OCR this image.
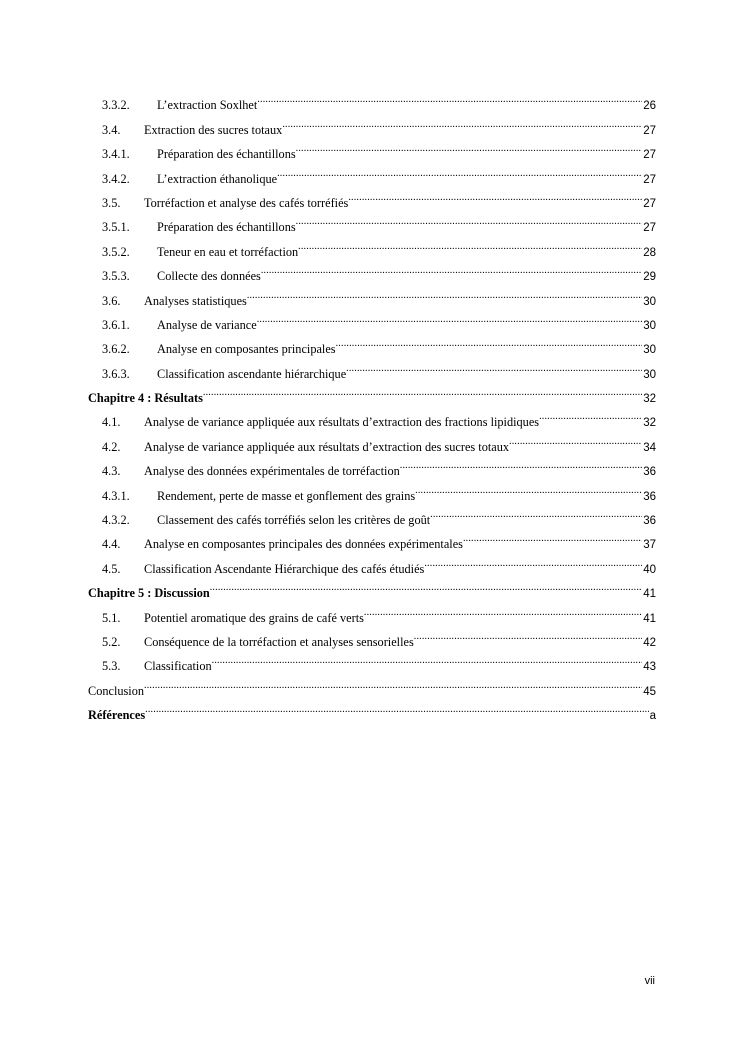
3.3.2.	L’extraction Soxlhet .....	26
3.4.	Extraction des sucres totaux .....	27
3.4.1.	Préparation des échantillons .....	27
3.4.2.	L’extraction éthanolique .....	27
3.5.	Torréfaction et analyse des cafés torréfiés .....	27
3.5.1.	Préparation des échantillons .....	27
3.5.2.	Teneur en eau et torréfaction .....	28
3.5.3.	Collecte des données .....	29
3.6.	Analyses statistiques .....	30
3.6.1.	Analyse de variance .....	30
3.6.2.	Analyse en composantes principales .....	30
3.6.3.	Classification ascendante hiérarchique .....	30
Chapitre 4 : Résultats .....	32
4.1.	Analyse de variance appliquée aux résultats d’extraction des fractions lipidiques .....	32
4.2.	Analyse de variance appliquée aux résultats d’extraction des sucres totaux .....	34
4.3.	Analyse des données expérimentales de torréfaction .....	36
4.3.1.	Rendement, perte de masse et gonflement des grains .....	36
4.3.2.	Classement des cafés torréfiés selon les critères de goût .....	36
4.4.	Analyse en composantes principales des données expérimentales .....	37
4.5.	Classification Ascendante Hiérarchique des cafés étudiés .....	40
Chapitre 5 : Discussion .....	41
5.1.	Potentiel aromatique des grains de café verts .....	41
5.2.	Conséquence de la torréfaction et analyses sensorielles .....	42
5.3.	Classification .....	43
Conclusion .....	45
Références .....	a
vii
